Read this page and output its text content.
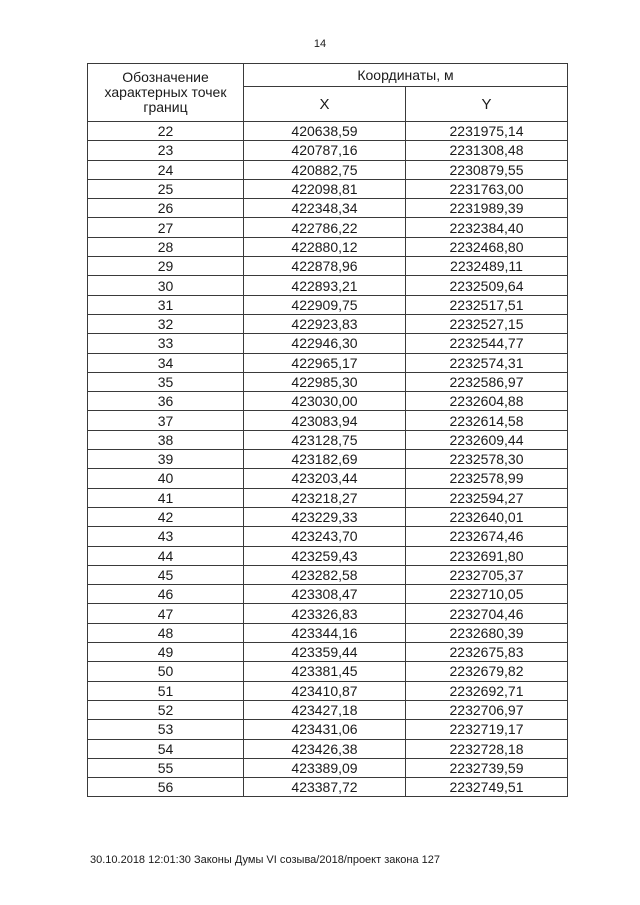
14
Обозначение характерных точек границ	Координаты, м	
	X	Y
22	420638,59	2231975,14
23	420787,16	2231308,48
24	420882,75	2230879,55
25	422098,81	2231763,00
26	422348,34	2231989,39
27	422786,22	2232384,40
28	422880,12	2232468,80
29	422878,96	2232489,11
30	422893,21	2232509,64
31	422909,75	2232517,51
32	422923,83	2232527,15
33	422946,30	2232544,77
34	422965,17	2232574,31
35	422985,30	2232586,97
36	423030,00	2232604,88
37	423083,94	2232614,58
38	423128,75	2232609,44
39	423182,69	2232578,30
40	423203,44	2232578,99
41	423218,27	2232594,27
42	423229,33	2232640,01
43	423243,70	2232674,46
44	423259,43	2232691,80
45	423282,58	2232705,37
46	423308,47	2232710,05
47	423326,83	2232704,46
48	423344,16	2232680,39
49	423359,44	2232675,83
50	423381,45	2232679,82
51	423410,87	2232692,71
52	423427,18	2232706,97
53	423431,06	2232719,17
54	423426,38	2232728,18
55	423389,09	2232739,59
56	423387,72	2232749,51
30.10.2018 12:01:30 Законы Думы VI созыва/2018/проект закона 127
